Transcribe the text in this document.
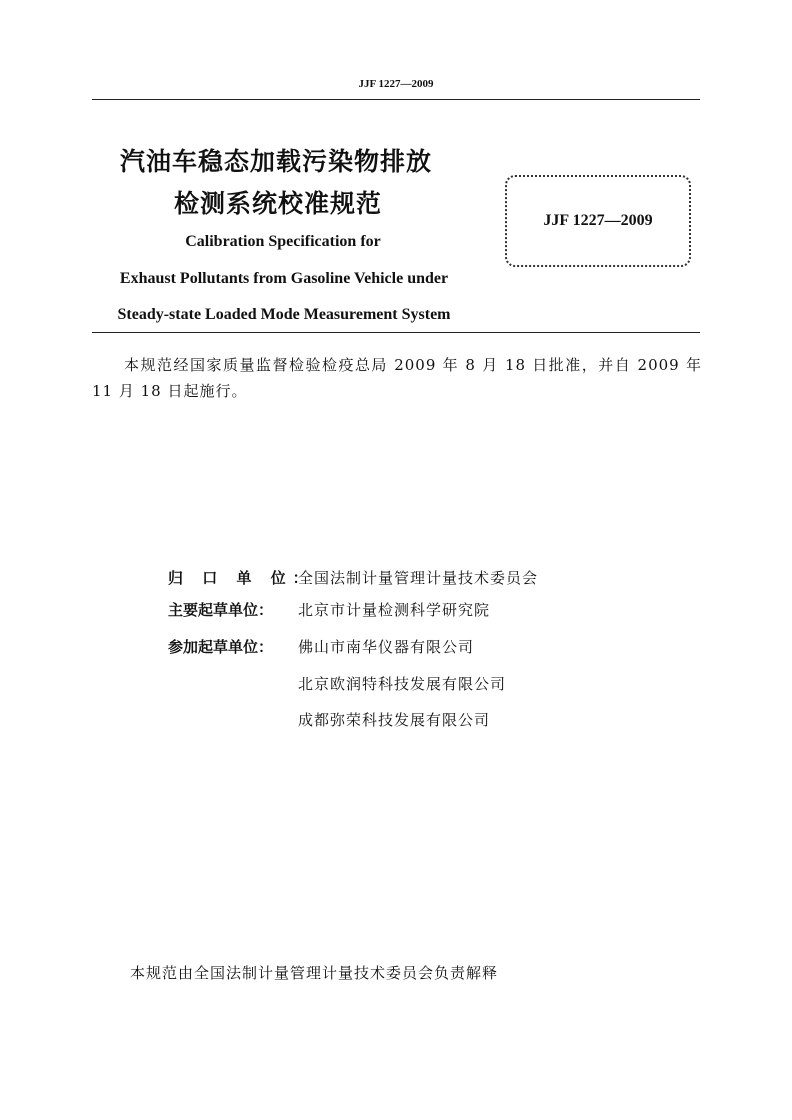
JJF 1227—2009
汽油车稳态加载污染物排放
检测系统校准规范
JJF 1227—2009
Calibration Specification for
Exhaust Pollutants from Gasoline Vehicle under
Steady-state Loaded Mode Measurement System
本规范经国家质量监督检验检疫总局 2009 年 8 月 18 日批准，并自 2009 年 11 月 18 日起施行。
归 口 单 位：
全国法制计量管理计量技术委员会
主要起草单位：	北京市计量检测科学研究院
参加起草单位：	佛山市南华仪器有限公司
北京欧润特科技发展有限公司
成都弥荣科技发展有限公司
本规范由全国法制计量管理计量技术委员会负责解释
